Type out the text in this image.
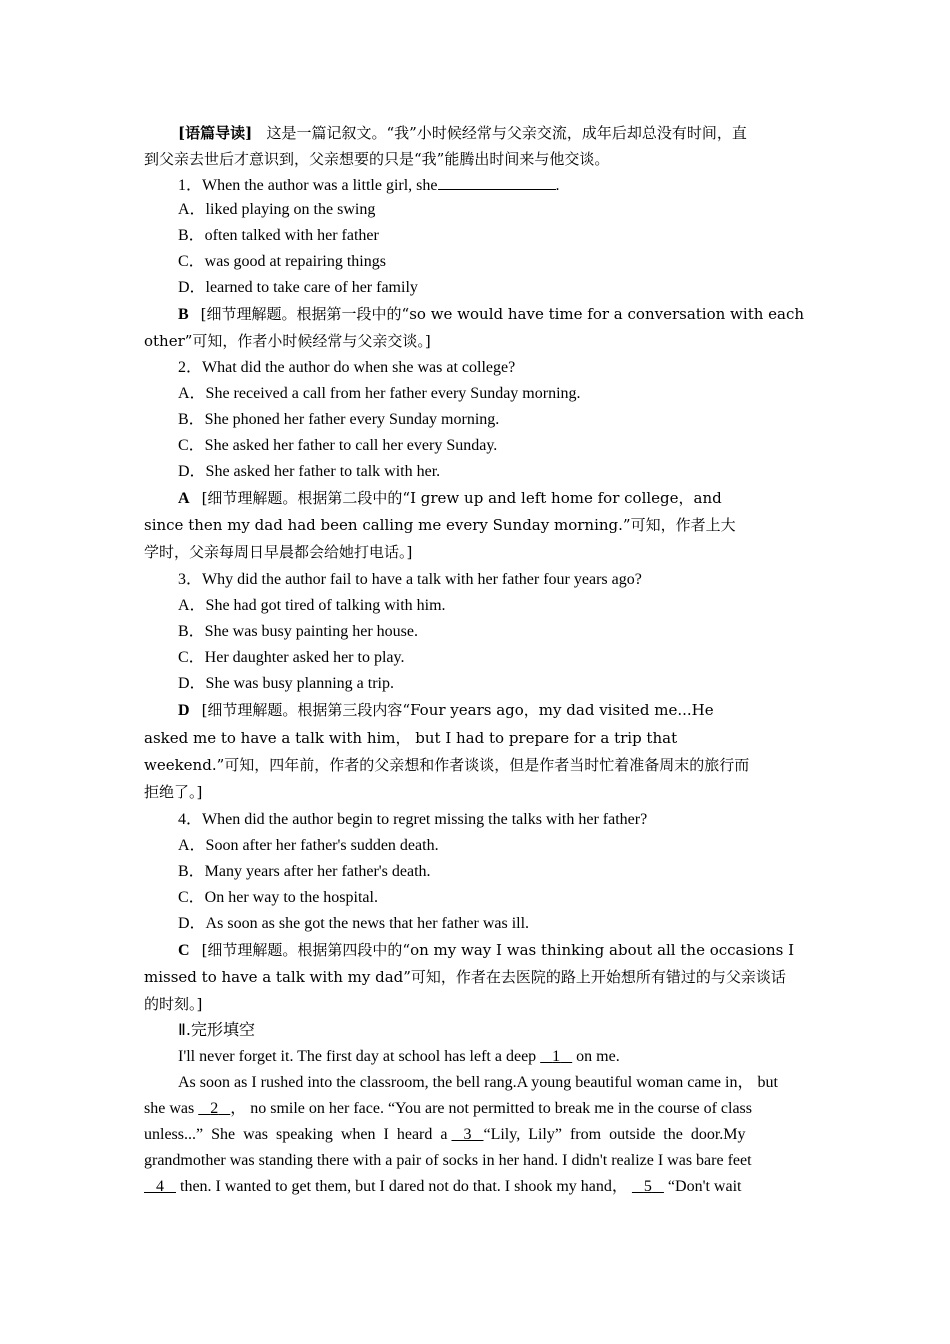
[语篇导读] 这是一篇记叙文。“我”小时候经常与父亲交流，成年后却总没有时间，直
到父亲去世后才意识到，父亲想要的只是“我”能腾出时间来与他交谈。
1．When the author was a little girl, she	.
A．liked playing on the swing
B．often talked with her father
C．was good at repairing things
D．learned to take care of her family
B [细节理解题。根据第一段中的“so we would have time for a conversation with each
other”可知，作者小时候经常与父亲交谈。]
2．What did the author do when she was at college?
A．She received a call from her father every Sunday morning.
B．She phoned her father every Sunday morning.
C．She asked her father to call her every Sunday.
D．She asked her father to talk with her.
A [细节理解题。根据第二段中的“I grew up and left home for college，and
since then my dad had been calling me every Sunday morning.”可知，作者上大
学时，父亲每周日早晨都会给她打电话。]
3．Why did the author fail to have a talk with her father four years ago?
A．She had got tired of talking with him.
B．She was busy painting her house.
C．Her daughter asked her to play.
D．She was busy planning a trip.
D [细节理解题。根据第三段内容“Four years ago，my dad visited me...He
asked me to have a talk with him， but I had to prepare for a trip that
weekend.”可知，四年前，作者的父亲想和作者谈谈，但是作者当时忙着准备周末的旅行而
拒绝了。]
4．When did the author begin to regret missing the talks with her father?
A．Soon after her father's sudden death.
B．Many years after her father's death.
C．On her way to the hospital.
D．As soon as she got the news that her father was ill.
C [细节理解题。根据第四段中的“on my way I was thinking about all the occasions I
missed to have a talk with my dad”可知，作者在去医院的路上开始想所有错过的与父亲谈话
的时刻。]
Ⅱ.完形填空
I'll never forget it. The first day at school has left a deep    1    on me.
As soon as I rushed into the classroom, the bell rang.A young beautiful woman came in， but
she was    2 ， no smile on her face. “You are not permitted to break me in the course of class
unless...”  She  was  speaking  when  I  heard  a    3 “Lily,  Lily”  from  outside  the  door.My
grandmother was standing there with a pair of socks in her hand. I didn't realize I was bare feet
4    then. I wanted to get them, but I dared not do that. I shook my hand，    5    “Don't wait
